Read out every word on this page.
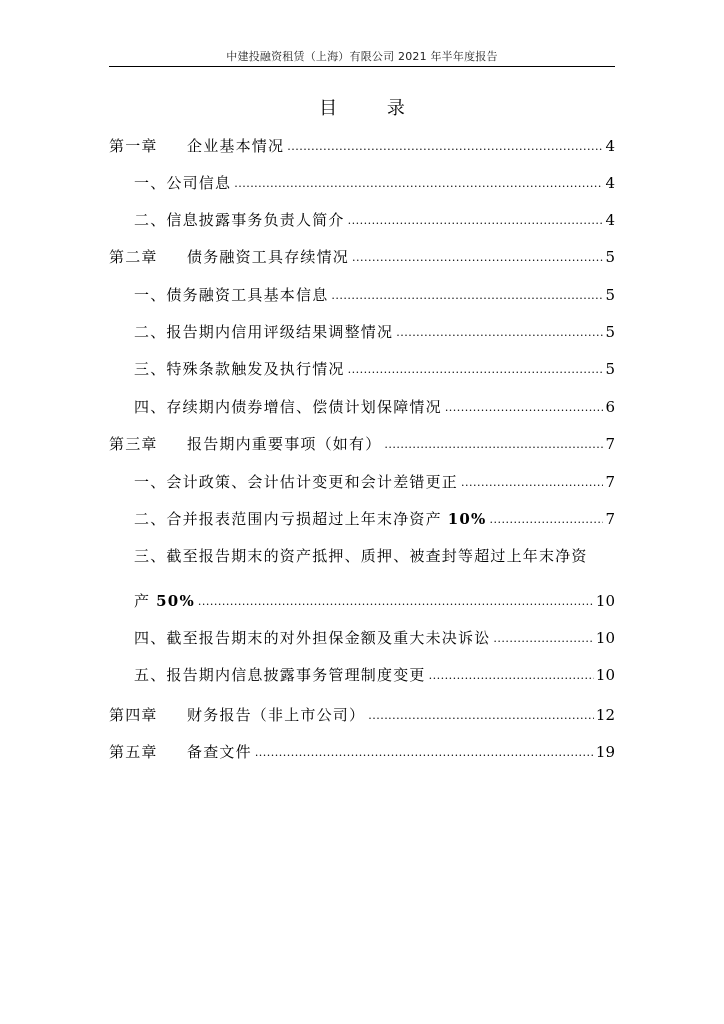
中建投融资租赁（上海）有限公司 2021 年半年度报告
目 录
第一章 企业基本情况 .....	4
一、公司信息 .....	4
二、信息披露事务负责人简介 .....	4
第二章 债务融资工具存续情况 .....	5
一、债务融资工具基本信息 .....	5
二、报告期内信用评级结果调整情况 .....	5
三、特殊条款触发及执行情况 .....	5
四、存续期内债券增信、偿债计划保障情况 .....	6
第三章 报告期内重要事项（如有） .....	7
一、会计政策、会计估计变更和会计差错更正 .....	7
二、合并报表范围内亏损超过上年末净资产 10% .....	7
三、截至报告期末的资产抵押、质押、被查封等超过上年末净资
产 50% .....	10
四、截至报告期末的对外担保金额及重大未决诉讼 .....	10
五、报告期内信息披露事务管理制度变更 .....	10
第四章 财务报告（非上市公司） .....	12
第五章 备查文件 .....	19
